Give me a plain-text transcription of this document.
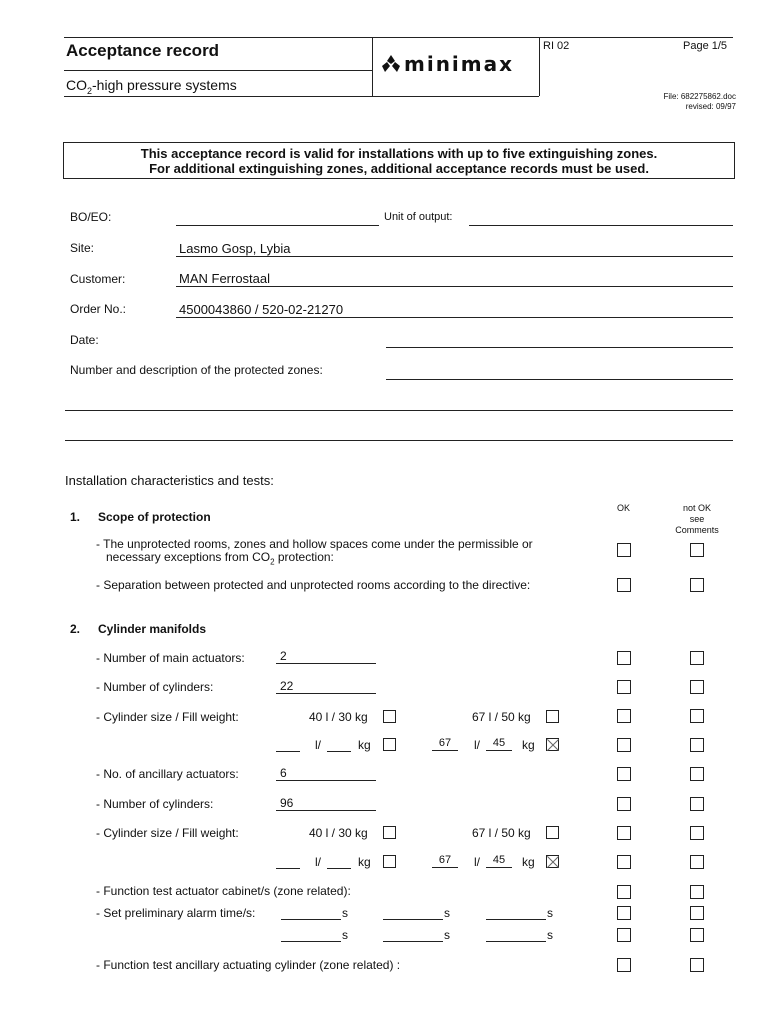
Acceptance record
$CO_2$-high pressure systems
minimax
RI 02	Page 1/5
File: 682275862.doc
revised: 09/97
This acceptance record is valid for installations with up to five extinguishing zones.
For additional extinguishing zones, additional acceptance records must be used.
BO/EO:	Unit of output:
Site:	Lasmo Gosp, Lybia
Customer:	MAN Ferrostaal
Order No.:	4500043860 / 520-02-21270
Date:
Number and description of the protected zones:
Installation characteristics and tests:
OK	not OK
see
Comments
1. Scope of protection
- The unprotected rooms, zones and hollow spaces come under the permissible or
necessary exceptions from $CO_2$ protection:
- Separation between protected and unprotected rooms according to the directive:
2. Cylinder manifolds
- Number of main actuators:	2
- Number of cylinders:	22
- Cylinder size / Fill weight:	40 l / 30 kg	67 l / 50 kg
l/	kg	67	l/	45	kg
- No. of ancillary actuators:	6
- Number of cylinders:	96
- Cylinder size / Fill weight:	40 l / 30 kg	67 l / 50 kg
l/	kg	67	l/	45	kg
- Function test actuator cabinet/s (zone related):
- Set preliminary alarm time/s:	s	s	s
s	s	s
- Function test ancillary actuating cylinder (zone related) :
